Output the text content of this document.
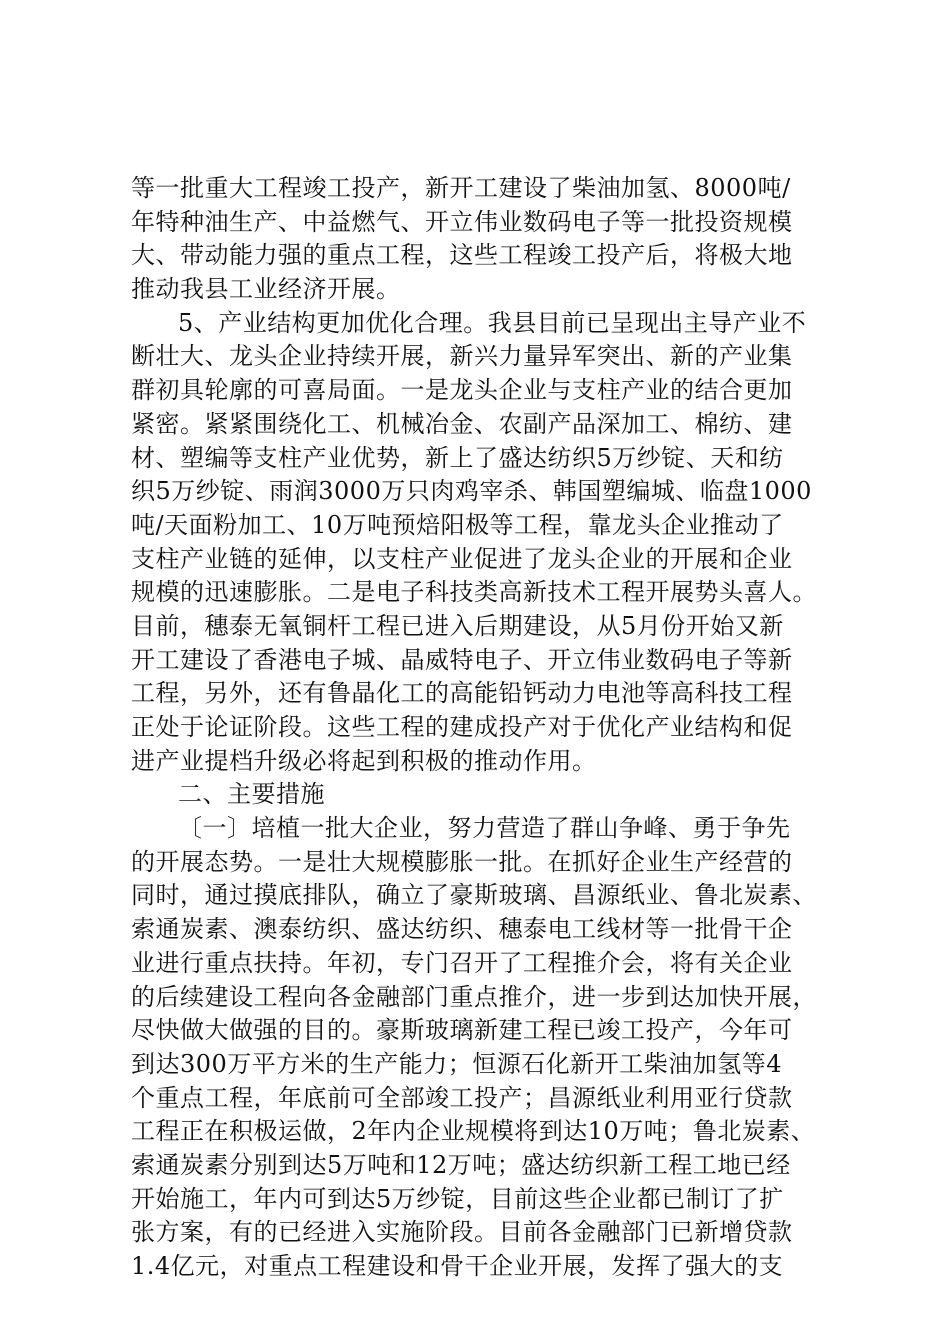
等一批重大工程竣工投产，新开工建设了柴油加氢、8000吨/
年特种油生产、中益燃气、开立伟业数码电子等一批投资规模
大、带动能力强的重点工程，这些工程竣工投产后，将极大地
推动我县工业经济开展。
5、产业结构更加优化合理。我县目前已呈现出主导产业不
断壮大、龙头企业持续开展，新兴力量异军突出、新的产业集
群初具轮廓的可喜局面。一是龙头企业与支柱产业的结合更加
紧密。紧紧围绕化工、机械冶金、农副产品深加工、棉纺、建
材、塑编等支柱产业优势，新上了盛达纺织5万纱锭、天和纺
织5万纱锭、雨润3000万只肉鸡宰杀、韩国塑编城、临盘1000
吨/天面粉加工、10万吨预焙阳极等工程，靠龙头企业推动了
支柱产业链的延伸，以支柱产业促进了龙头企业的开展和企业
规模的迅速膨胀。二是电子科技类高新技术工程开展势头喜人。
目前，穗泰无氧铜杆工程已进入后期建设，从5月份开始又新
开工建设了香港电子城、晶威特电子、开立伟业数码电子等新
工程，另外，还有鲁晶化工的高能铅钙动力电池等高科技工程
正处于论证阶段。这些工程的建成投产对于优化产业结构和促
进产业提档升级必将起到积极的推动作用。
二、主要措施
〔一〕培植一批大企业，努力营造了群山争峰、勇于争先
的开展态势。一是壮大规模膨胀一批。在抓好企业生产经营的
同时，通过摸底排队，确立了豪斯玻璃、昌源纸业、鲁北炭素、
索通炭素、澳泰纺织、盛达纺织、穗泰电工线材等一批骨干企
业进行重点扶持。年初，专门召开了工程推介会，将有关企业
的后续建设工程向各金融部门重点推介，进一步到达加快开展，
尽快做大做强的目的。豪斯玻璃新建工程已竣工投产，今年可
到达300万平方米的生产能力；恒源石化新开工柴油加氢等4
个重点工程，年底前可全部竣工投产；昌源纸业利用亚行贷款
工程正在积极运做，2年内企业规模将到达10万吨；鲁北炭素、
索通炭素分别到达5万吨和12万吨；盛达纺织新工程工地已经
开始施工，年内可到达5万纱锭，目前这些企业都已制订了扩
张方案，有的已经进入实施阶段。目前各金融部门已新增贷款
1.4亿元，对重点工程建设和骨干企业开展，发挥了强大的支
